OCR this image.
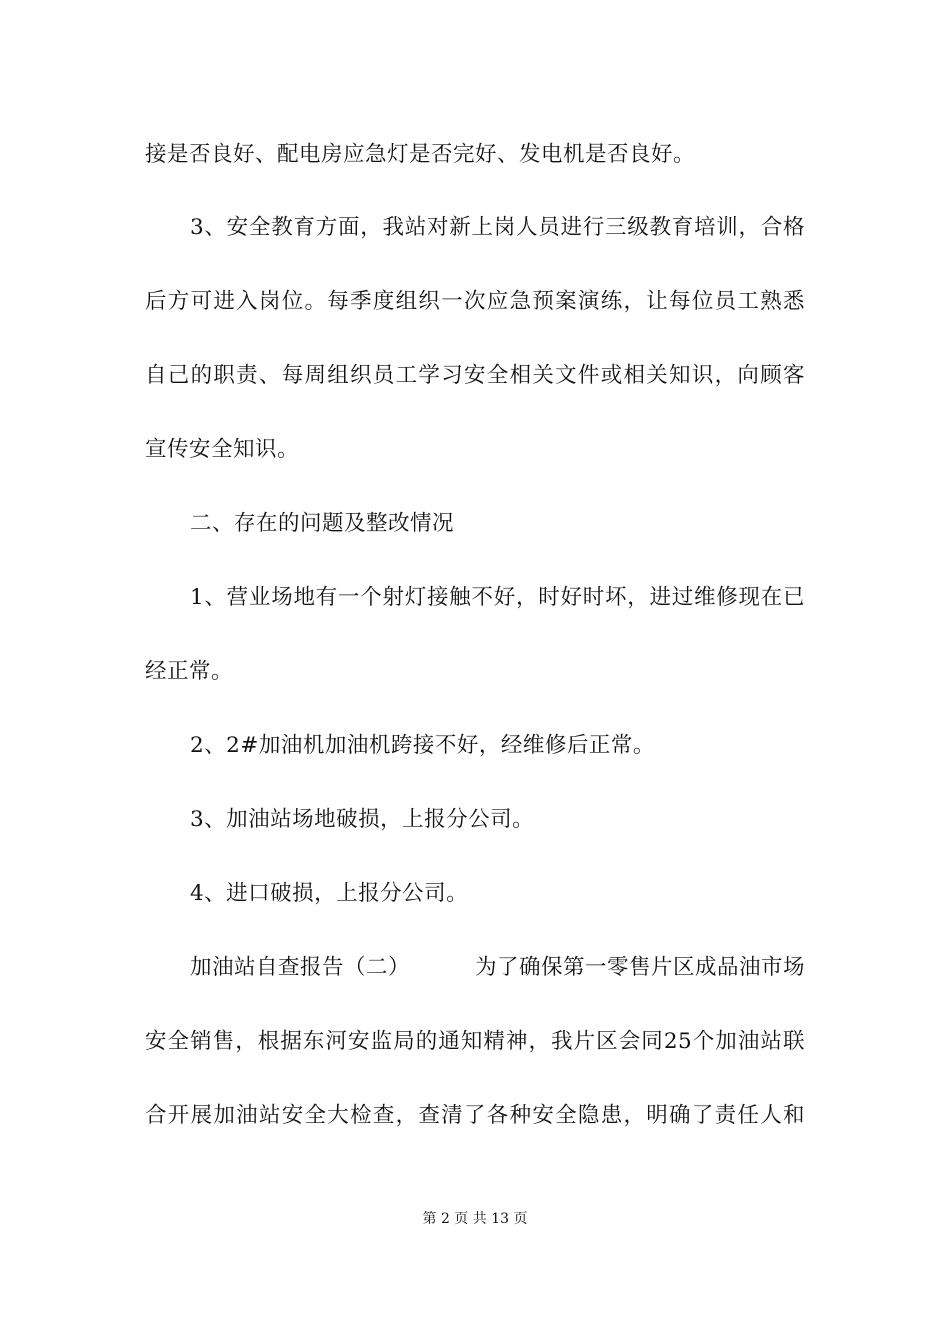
接是否良好、配电房应急灯是否完好、发电机是否良好。
3、安全教育方面，我站对新上岗人员进行三级教育培训，合格
后方可进入岗位。每季度组织一次应急预案演练，让每位员工熟悉
自己的职责、每周组织员工学习安全相关文件或相关知识，向顾客
宣传安全知识。
二、存在的问题及整改情况
1、营业场地有一个射灯接触不好，时好时坏，进过维修现在已
经正常。
2、2#加油机加油机跨接不好，经维修后正常。
3、加油站场地破损，上报分公司。
4、进口破损，上报分公司。
加油站自查报告（二）	为了确保第一零售片区成品油市场
安全销售，根据东河安监局的通知精神，我片区会同25个加油站联
合开展加油站安全大检查，查清了各种安全隐患，明确了责任人和
第 2 页 共 13 页
